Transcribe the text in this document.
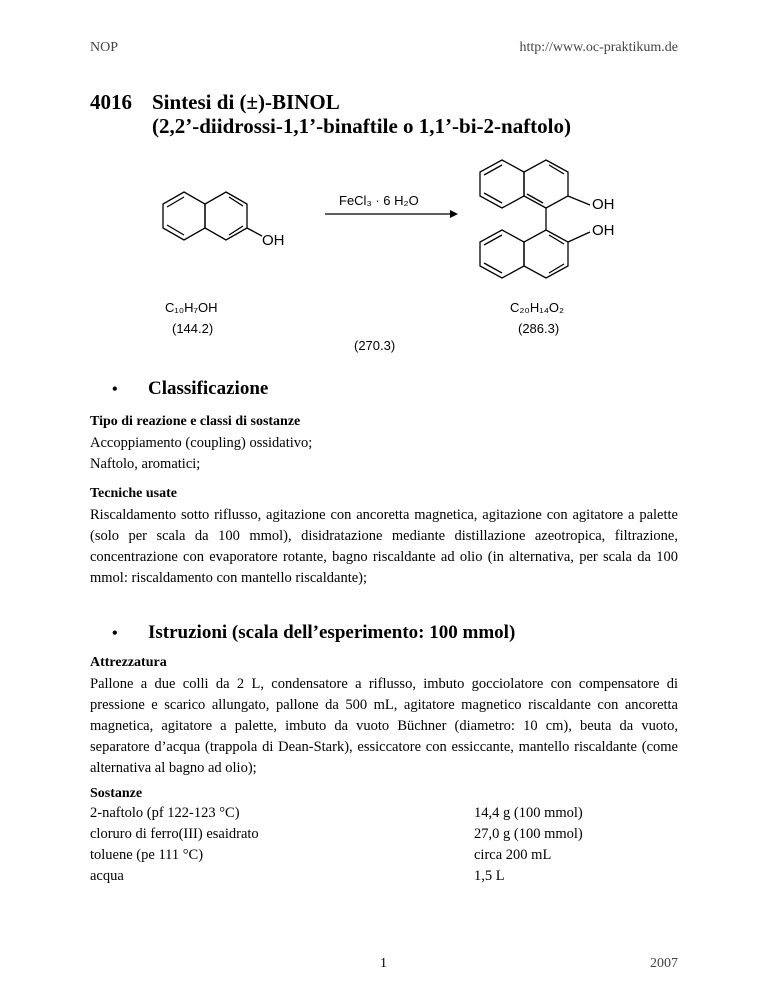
NOP	http://www.oc-praktikum.de
4016 Sintesi di (±)-BINOL
(2,2’-diidrossi-1,1’-binaftile o 1,1’-bi-2-naftolo)
FeCl₃ · 6 H₂O
OH
OH
OH
C₁₀H₇OH
(144.2)
(270.3)
C₂₀H₁₄O₂
(286.3)
• Classificazione
Tipo di reazione e classi di sostanze
Accoppiamento (coupling) ossidativo;
Naftolo, aromatici;
Tecniche usate
Riscaldamento sotto riflusso, agitazione con ancoretta magnetica, agitazione con agitatore a palette (solo per scala da 100 mmol), disidratazione mediante distillazione azeotropica, filtrazione, concentrazione con evaporatore rotante, bagno riscaldante ad olio (in alternativa, per scala da 100 mmol: riscaldamento con mantello riscaldante);
• Istruzioni (scala dell’esperimento: 100 mmol)
Attrezzatura
Pallone a due colli da 2 L, condensatore a riflusso, imbuto gocciolatore con compensatore di pressione e scarico allungato, pallone da 500 mL, agitatore magnetico riscaldante con ancoretta magnetica, agitatore a palette, imbuto da vuoto Büchner (diametro: 10 cm), beuta da vuoto, separatore d’acqua (trappola di Dean-Stark), essiccatore con essiccante, mantello riscaldante (come alternativa al bagno ad olio);
Sostanze
2-naftolo (pf 122-123 °C)	14,4 g (100 mmol)
cloruro di ferro(III) esaidrato	27,0 g (100 mmol)
toluene (pe 111 °C)	circa 200 mL
acqua	1,5 L
1	2007
